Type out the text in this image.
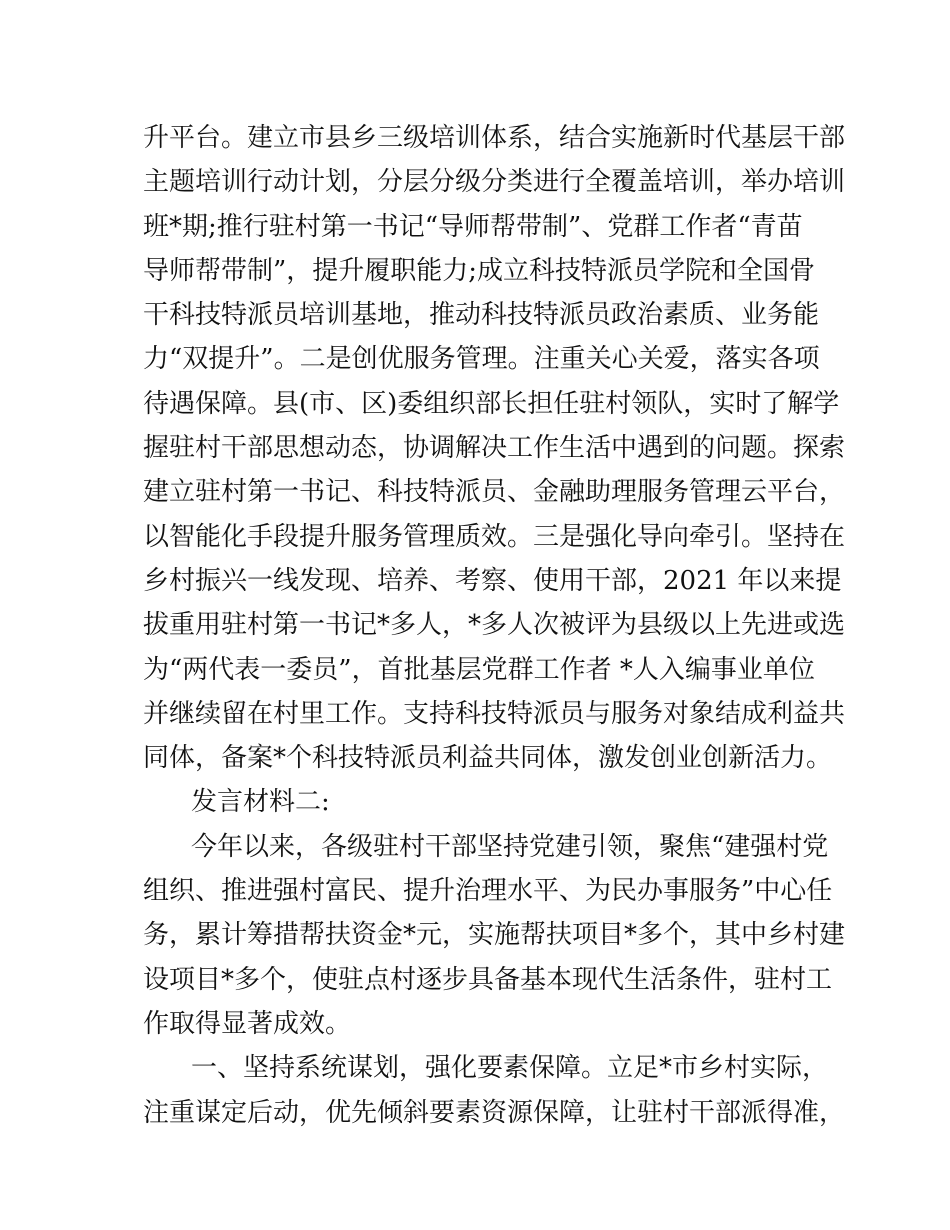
升平台。建立市县乡三级培训体系，结合实施新时代基层干部
主题培训行动计划，分层分级分类进行全覆盖培训，举办培训
班*期;推行驻村第一书记“导师帮带制”、党群工作者“青苗
导师帮带制”，提升履职能力;成立科技特派员学院和全国骨
干科技特派员培训基地，推动科技特派员政治素质、业务能
力“双提升”。二是创优服务管理。注重关心关爱，落实各项
待遇保障。县(市、区)委组织部长担任驻村领队，实时了解学
握驻村干部思想动态，协调解决工作生活中遇到的问题。探索
建立驻村第一书记、科技特派员、金融助理服务管理云平台，
以智能化手段提升服务管理质效。三是强化导向牵引。坚持在
乡村振兴一线发现、培养、考察、使用干部，2021 年以来提
拔重用驻村第一书记*多人，*多人次被评为县级以上先进或选
为“两代表一委员”，首批基层党群工作者 *人入编事业单位
并继续留在村里工作。支持科技特派员与服务对象结成利益共
同体，备案*个科技特派员利益共同体，激发创业创新活力。
发言材料二:
今年以来，各级驻村干部坚持党建引领，聚焦“建强村党
组织、推进强村富民、提升治理水平、为民办事服务”中心任
务，累计筹措帮扶资金*元，实施帮扶项目*多个，其中乡村建
设项目*多个，使驻点村逐步具备基本现代生活条件，驻村工
作取得显著成效。
一、坚持系统谋划，强化要素保障。立足*市乡村实际，
注重谋定后动，优先倾斜要素资源保障，让驻村干部派得准，
